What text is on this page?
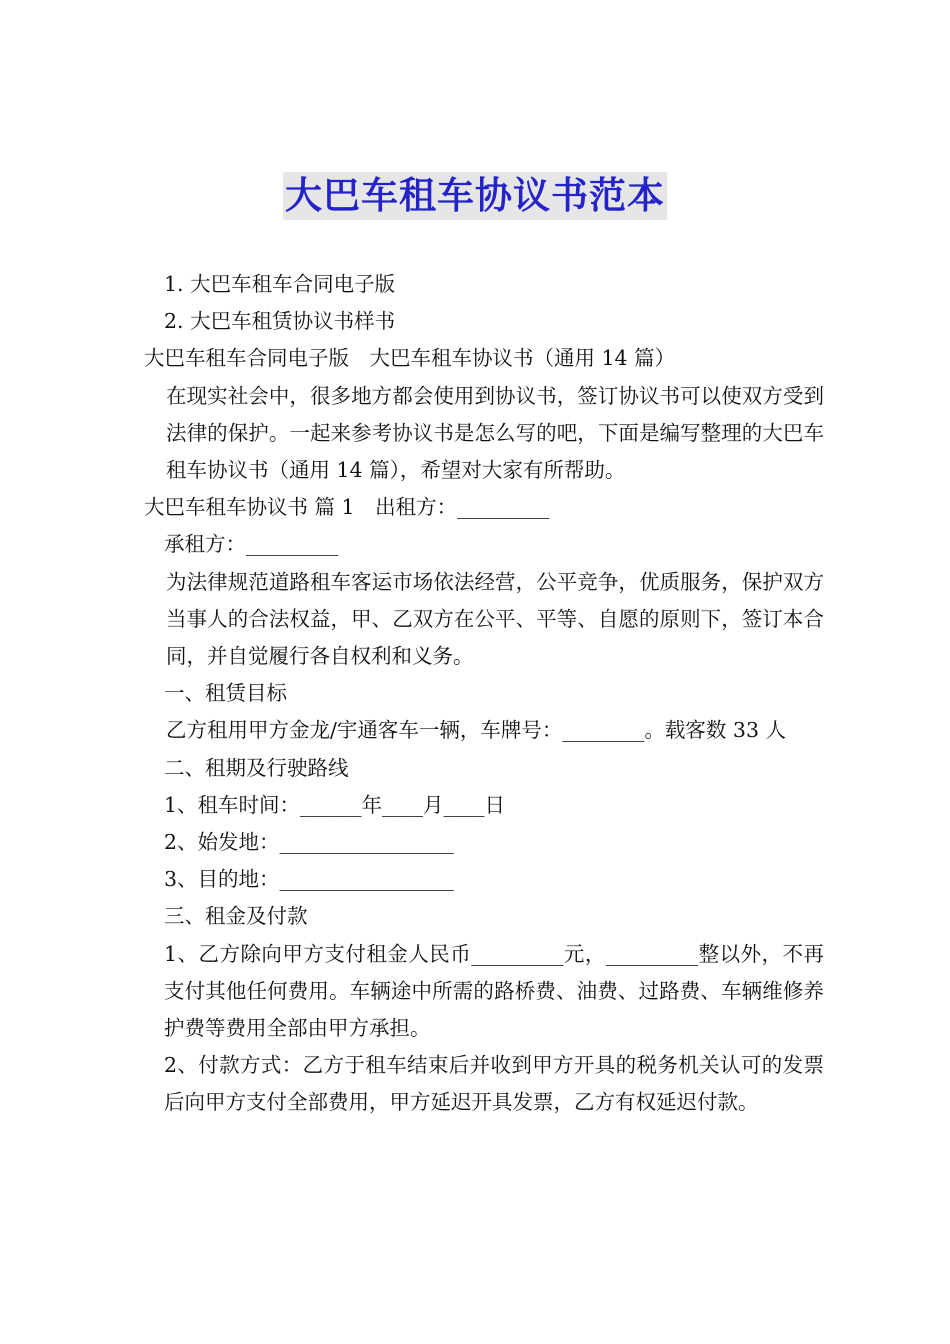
大巴车租车协议书范本

1. 大巴车租车合同电子版

2. 大巴车租赁协议书样书

大巴车租车合同电子版　大巴车租车协议书（通用 14 篇）

在现实社会中，很多地方都会使用到协议书，签订协议书可以使双方受到法律的保护。一起来参考协议书是怎么写的吧，下面是编写整理的大巴车租车协议书（通用 14 篇），希望对大家有所帮助。

大巴车租车协议书 篇 1　出租方：_________

承租方：_________

为法律规范道路租车客运市场依法经营，公平竞争，优质服务，保护双方当事人的合法权益，甲、乙双方在公平、平等、自愿的原则下，签订本合同，并自觉履行各自权利和义务。

一、租赁目标

乙方租用甲方金龙/宇通客车一辆，车牌号：________。载客数 33 人

二、租期及行驶路线

1、租车时间：______年____月____日

2、始发地：_________________

3、目的地：_________________

三、租金及付款

1、乙方除向甲方支付租金人民币_________元，_________整以外，不再支付其他任何费用。车辆途中所需的路桥费、油费、过路费、车辆维修养护费等费用全部由甲方承担。

2、付款方式：乙方于租车结束后并收到甲方开具的税务机关认可的发票后向甲方支付全部费用，甲方延迟开具发票，乙方有权延迟付款。
